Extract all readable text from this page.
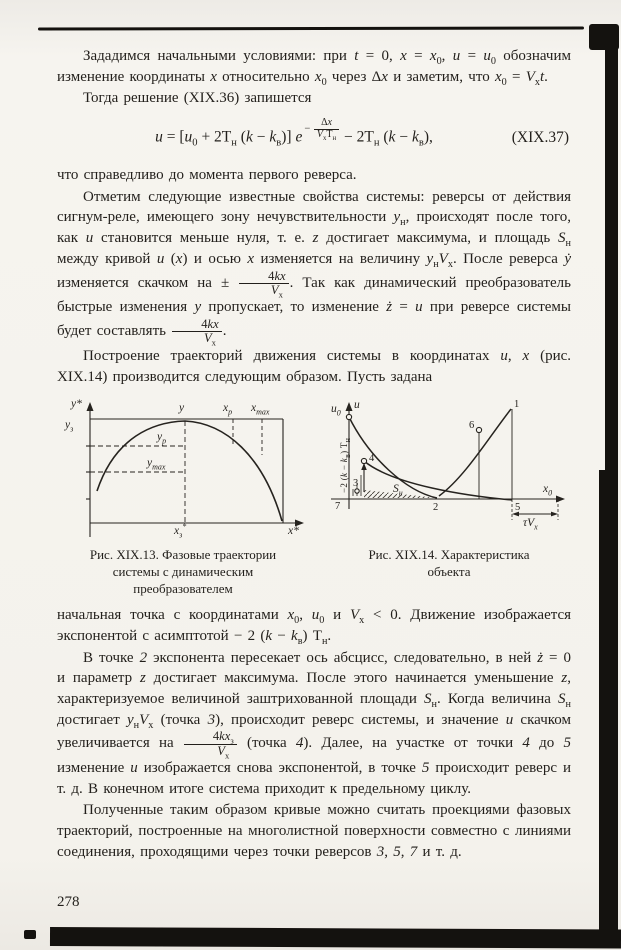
Зададимся начальными условиями: при t = 0, $x = x_0$, $u = u_0$ обозначим изменение координаты x относительно $x_0$ через Δx и заметим, что $x_0 = V_xt$.

Тогда решение (XIX.36) запишется

$u = [u_0 + 2T_н$ $(k - k_в)$] $e - \frac{\Delta x}{V_xT_н} - 2T_н$ $(k - k_в)$,	(XIX.37)

что справедливо до момента первого реверса.

Отметим следующие известные свойства системы: реверсы от действия сигнум-реле, имеющего зону нечувствительности $y_н$, происходят после того, как u становится меньше нуля, т. е. z достигает максимума, и площадь $S_н$ между кривой u (x) и осью x изменяется на величину $y_нV_x$. После реверса ẏ изменяется скачком на ± $\frac{4kx}{V_x}$ . Так как динамический преобразователь быстрые изменения y пропускает, то изменение ż = u при реверсе системы будет составлять $\frac{4kx}{V_x}$ .

Построение траекторий движения системы в координатах u, x (рис. XIX.14) производится следующим образом. Пусть задана

y*
$y_з$
y	$x_р$ $x_{max}$
$y_р$
$y_{max}$
$x_з^*$	x*
Рис. XIX.13. Фазовые траектории системы с динамическим преобразователем
$u_0$
u
$x_0$
1
2
3
4
5
6
7
$S_н$
$\tau V_x$
−2 $(k - k_в)$ $T_н$
Рис. XIX.14. Характеристика объекта

начальная точка с координатами $x_0$, $u_0$ и $V_x < 0$. Движение изображается экспонентой с асимптотой − 2 $(k - k_в)$ $T_н$.

В точке 2 экспонента пересекает ось абсцисс, следовательно, в ней ż = 0 и параметр z достигает максимума. После этого начинается уменьшение z, характеризуемое величиной заштрихованной площади $S_н$. Когда величина $S_н$ достигает $y_нV_x$ (точка 3), происходит реверс системы, и значение u скачком увеличивается на $\frac{4kx_з}{V_x}$ (точка 4). Далее, на участке от точки 4 до 5 изменение u изображается снова экспонентой, в точке 5 происходит реверс и т. д. В конечном итоге система приходит к предельному циклу.

Полученные таким образом кривые можно считать проекциями фазовых траекторий, построенные на многолистной поверхности совместно с линиями соединения, проходящими через точки реверсов 3, 5, 7 и т. д.

278
